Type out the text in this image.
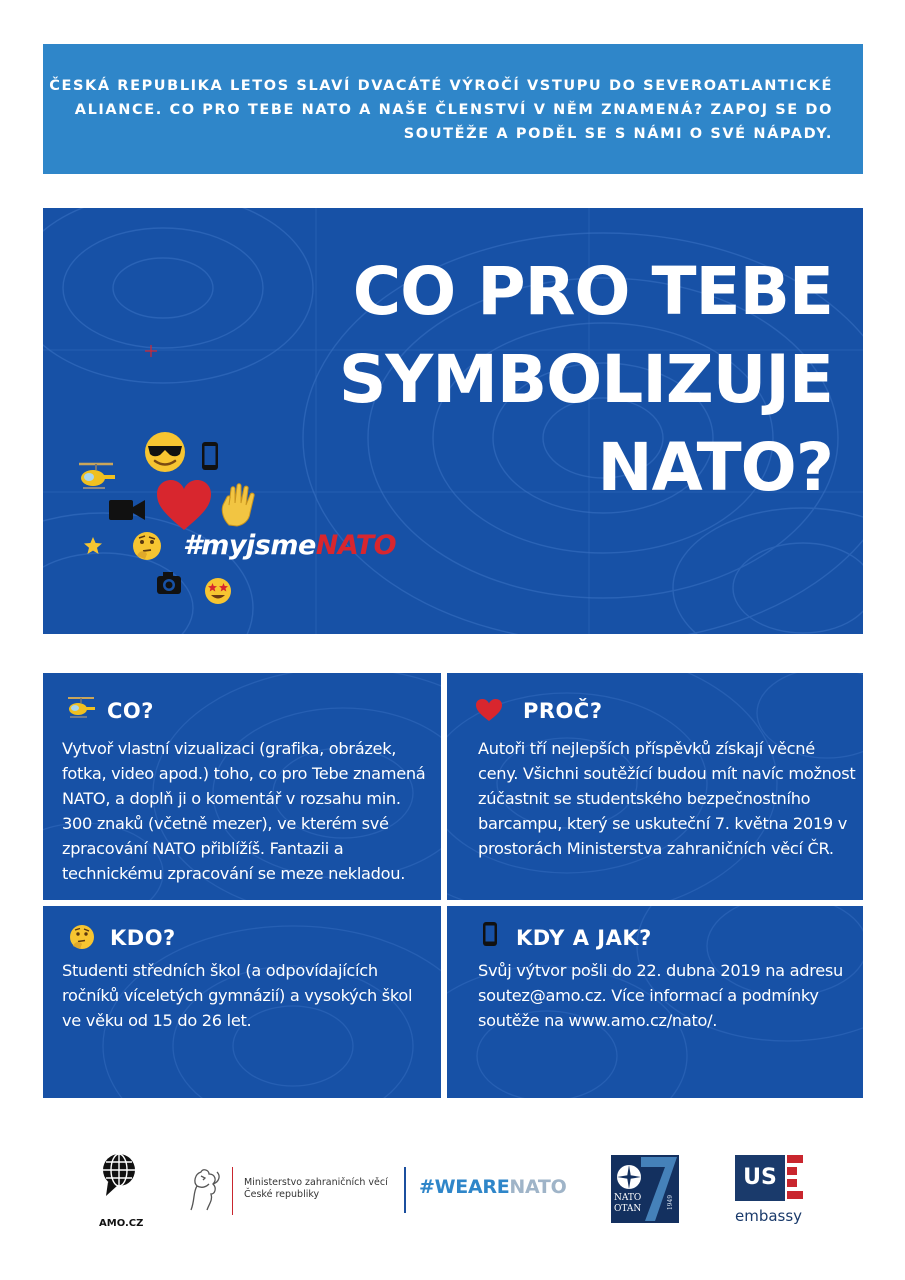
ČESKÁ REPUBLIKA LETOS SLAVÍ DVACÁTÉ VÝROČÍ VSTUPU DO SEVEROATLANTICKÉ ALIANCE. CO PRO TEBE NATO A NAŠE ČLENSTVÍ V NĚM ZNAMENÁ? ZAPOJ SE DO SOUTĚŽE A PODĚL SE S NÁMI O SVÉ NÁPADY.

CO PRO TEBE
SYMBOLIZUJE
NATO?
#myjsmeNATO
CO?

Vytvoř vlastní vizualizaci (grafika, obrázek, fotka, video apod.) toho, co pro Tebe znamená NATO, a doplň ji o komentář v rozsahu min. 300 znaků (včetně mezer), ve kterém své zpracování NATO přiblížíš. Fantazii a technickému zpracování se meze nekladou.

PROČ?

Autoři tří nejlepších příspěvků získají věcné ceny. Všichni soutěžící budou mít navíc možnost zúčastnit se studentského bezpečnostního barcampu, který se uskuteční 7. května 2019 v prostorách Ministerstva zahraničních věcí ČR.

KDO?

Studenti středních škol (a odpovídajících ročníků víceletých gymnázií) a vysokých škol ve věku od 15 do 26 let.

KDY A JAK?

Svůj výtvor pošli do 22. dubna 2019 na adresu soutez@amo.cz. Více informací a podmínky soutěže na www.amo.cz/nato/.

AMO.CZ
Ministerstvo zahraničních věcí
České republiky	#WEARENATO	NATO
OTAN	1949
US
embassy
